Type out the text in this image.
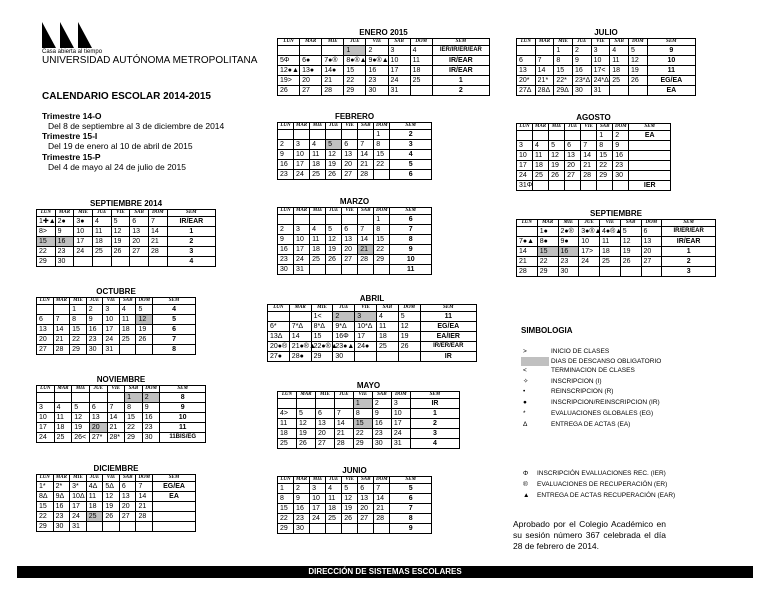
Casa abierta al tiempo
UNIVERSIDAD AUTÓNOMA METROPOLITANA
CALENDARIO ESCOLAR 2014-2015
Trimestre 14-O
Del 8 de septiembre al 3 de diciembre de 2014
Trimestre 15-I
Del 19 de enero al 10 de abril de 2015
Trimestre 15-P
Del 4 de mayo al 24 de julio de 2015
SEPTIEMBRE 2014
LUN	MAR	MIE	JUE	VIE	SAB	DOM	SEM
1✚▲	2●	3●	4	5	6	7	IR/EAR
8>	9	10	11	12	13	14	1
15	16	17	18	19	20	21	2
22	23	24	25	26	27	28	3
29	30						4
OCTUBRE
LUN	MAR	MIE	JUE	VIE	SAB	DOM	SEM
		1	2	3	4	5	4
6	7	8	9	10	11	12	5
13	14	15	16	17	18	19	6
20	21	22	23	24	25	26	7
27	28	29	30	31			8
NOVIEMBRE
LUN	MAR	MIE	JUE	VIE	SAB	DOM	SEM
					1	2	8
3	4	5	6	7	8	9	9
10	11	12	13	14	15	16	10
17	18	19	20	21	22	23	11
24	25	26<	27*	28*	29	30	11BIS/EG
DICIEMBRE
LUN	MAR	MIE	JUE	VIE	SAB	DOM	SEM
1*	2*	3*	4Δ	5Δ	6	7	EG/EA
8Δ	9Δ	10Δ	11	12	13	14	EA
15	16	17	18	19	20	21	
22	23	24	25	26	27	28	
29	30	31					
ENERO 2015
LUN	MAR	MIE	JUE	VIE	SAB	DOM	SEM
			1	2	3	4	IER/IR/ER/EAR
5Φ	6●	7●®	8●®▲	9●®▲	10	11	IR/EAR
12●▲	13●	14●	15	16	17	18	IR/EAR
19>	20	21	22	23	24	25	1
26	27	28	29	30	31		2
FEBRERO
LUN	MAR	MIE	JUE	VIE	SAB	DOM	SEM
						1	2
2	3	4	5	6	7	8	3
9	10	11	12	13	14	15	4
16	17	18	19	20	21	22	5
23	24	25	26	27	28		6
MARZO
LUN	MAR	MIE	JUE	VIE	SAB	DOM	SEM
						1	6
2	3	4	5	6	7	8	7
9	10	11	12	13	14	15	8
16	17	18	19	20	21	22	9
23	24	25	26	27	28	29	10
30	31						11
ABRIL
LUN	MAR	MIE	JUE	VIE	SAB	DOM	SEM
		1<	2	3	4	5	11
6*	7*Δ	8*Δ	9*Δ	10*Δ	11	12	EG/EA
13Δ	14	15	16Φ	17	18	19	EA/IER
20●®	21●®▲	22●®▲	23●▲	24●	25	26	IR/ER/EAR
27●	28●	29	30				IR
MAYO
LUN	MAR	MIE	JUE	VIE	SAB	DOM	SEM
				1	2	3	IR
4>	5	6	7	8	9	10	1
11	12	13	14	15	16	17	2
18	19	20	21	22	23	24	3
25	26	27	28	29	30	31	4
JUNIO
LUN	MAR	MIE	JUE	VIE	SAB	DOM	SEM
1	2	3	4	5	6	7	5
8	9	10	11	12	13	14	6
15	16	17	18	19	20	21	7
22	23	24	25	26	27	28	8
29	30						9
JULIO
LUN	MAR	MIE	JUE	VIE	SAB	DOM	SEM
		1	2	3	4	5	9
6	7	8	9	10	11	12	10
13	14	15	16	17<	18	19	11
20*	21*	22*	23*Δ	24*Δ	25	26	EG/EA
27Δ	28Δ	29Δ	30	31			EA
AGOSTO
LUN	MAR	MIE	JUE	VIE	SAB	DOM	SEM
					1	2	EA
3	4	5	6	7	8	9	
10	11	12	13	14	15	16	
17	18	19	20	21	22	23	
24	25	26	27	28	29	30	
31Φ							IER
SEPTIEMBRE
LUN	MAR	MIE	JUE	VIE	SAB	DOM	SEM
	1●	2●®	3●®▲	4●®▲	5	6	IR/ER/EAR
7●▲	8●	9●	10	11	12	13	IR/EAR
14	15	16	17>	18	19	20	1
21	22	23	24	25	26	27	2
28	29	30					3
SIMBOLOGIA
>	INICIO DE CLASES
DIAS DE DESCANSO OBLIGATORIO
<	TERMINACION DE CLASES
✧	INSCRIPCION (I)
•	REINSCRIPCION (R)
●	INSCRIPCION/REINSCRIPCION (IR)
*	EVALUACIONES GLOBALES (EG)
Δ	ENTREGA DE ACTAS (EA)
Φ INSCRIPCIÓN EVALUACIONES REC. (IER)
® EVALUACIONES DE RECUPERACIÓN (ER)
▲ ENTREGA DE ACTAS RECUPERACIÓN (EAR)
Aprobado por el Colegio Académico en su sesión número 367 celebrada el día 28 de febrero de 2014.
DIRECCIÓN DE SISTEMAS ESCOLARES
